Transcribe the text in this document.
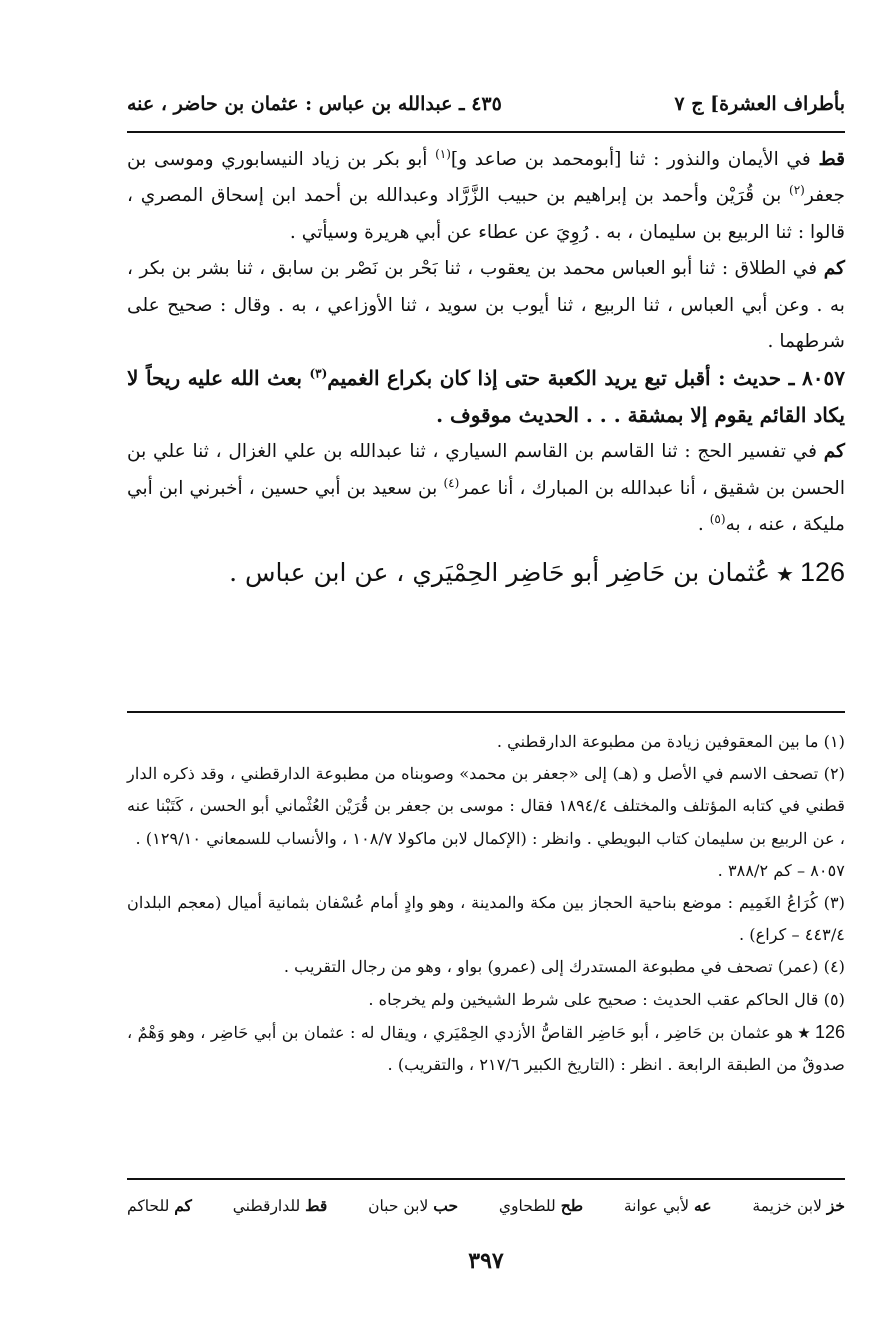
بأطراف العشرة] ج ٧
٤٣٥ ـ عبدالله بن عباس : عثمان بن حاضر ، عنه

قط في الأيمان والنذور : ثنا [أبومحمد بن صاعد و]$^{(١)}$ أبو بكر بن زياد النيسابوري وموسى بن جعفر$^{(٢)}$ بن قُرَيْن وأحمد بن إبراهيم بن حبيب الزَّرَّاد وعبدالله بن أحمد ابن إسحاق المصري ، قالوا : ثنا الربيع بن سليمان ، به . رُوِيَ عن عطاء عن أبي هريرة وسيأتي .

كم في الطلاق : ثنا أبو العباس محمد بن يعقوب ، ثنا بَحْر بن نَصْر بن سابق ، ثنا بشر بن بكر ، به . وعن أبي العباس ، ثنا الربيع ، ثنا أيوب بن سويد ، ثنا الأوزاعي ، به . وقال : صحيح على شرطهما .

٨٠٥٧ ـ حديث : أقبل تبع يريد الكعبة حتى إذا كان بكراع الغميم$^{(٣)}$ بعث الله عليه ريحاً لا يكاد القائم يقوم إلا بمشقة . . . الحديث موقوف .

كم في تفسير الحج : ثنا القاسم بن القاسم السياري ، ثنا عبدالله بن علي الغزال ، ثنا علي بن الحسن بن شقيق ، أنا عبدالله بن المبارك ، أنا عمر$^{(٤)}$ بن سعيد بن أبي حسين ، أخبرني ابن أبي مليكة ، عنه ، به$^{(٥)}$ .

126★عُثمان بن حَاضِر أبو حَاضِر الحِمْيَري ، عن ابن عباس .

(١) ما بين المعقوفين زيادة من مطبوعة الدارقطني .

(٢) تصحف الاسم في الأصل و (هـ) إلى «جعفر بن محمد» وصوبناه من مطبوعة الدارقطني ، وقد ذكره الدار قطني في كتابه المؤتلف والمختلف ١٨٩٤/٤ فقال : موسى بن جعفر بن قُرَيْن العُثْماني أبو الحسن ، كَتَبْنا عنه ، عن الربيع بن سليمان كتاب البويطي . وانظر : (الإكمال لابن ماكولا ١٠٨/٧ ، والأنساب للسمعاني ١٢٩/١٠) .

٨٠٥٧ – كم ٣٨٨/٢ .

(٣) كُرَاعُ الغَمِيم : موضع بناحية الحجاز بين مكة والمدينة ، وهو وادٍ أمام عُسْفان بثمانية أميال (معجم البلدان ٤٤٣/٤ – كراع) .

(٤) (عمر) تصحف في مطبوعة المستدرك إلى (عمرو) بواو ، وهو من رجال التقريب .

(٥) قال الحاكم عقب الحديث : صحيح على شرط الشيخين ولم يخرجاه .

126★هو عثمان بن حَاضِر ، أبو حَاضِر القاصُّ الأزدي الحِمْيَري ، ويقال له : عثمان بن أبي حَاضِر ، وهو وَهْمٌ ، صدوقٌ من الطبقة الرابعة . انظر : (التاريخ الكبير ٢١٧/٦ ، والتقريب) .

خز لابن خزيمة
عه لأبي عوانة
طح للطحاوي
حب لابن حبان
قط للدارقطني
كم للحاكم
٣٩٧
